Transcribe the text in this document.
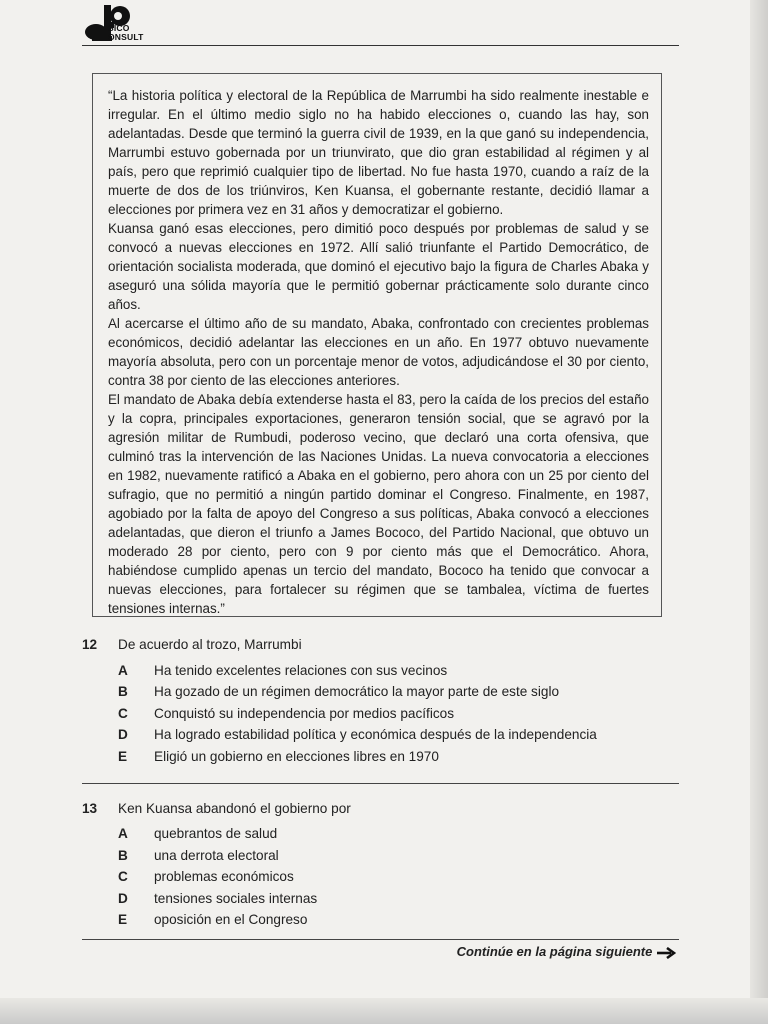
SICO
ONSULT

“La historia política y electoral de la República de Marrumbi ha sido realmente inestable e irregular. En el último medio siglo no ha habido elecciones o, cuando las hay, son adelantadas. Desde que terminó la guerra civil de 1939, en la que ganó su independencia, Marrumbi estuvo gobernada por un triunvirato, que dio gran estabilidad al régimen y al país, pero que reprimió cualquier tipo de libertad. No fue hasta 1970, cuando a raíz de la muerte de dos de los triúnviros, Ken Kuansa, el gobernante restante, decidió llamar a elecciones por primera vez en 31 años y democratizar el gobierno.

Kuansa ganó esas elecciones, pero dimitió poco después por problemas de salud y se convocó a nuevas elecciones en 1972. Allí salió triunfante el Partido Democrático, de orientación socialista moderada, que dominó el ejecutivo bajo la figura de Charles Abaka y aseguró una sólida mayoría que le permitió gobernar prácticamente solo durante cinco años.

Al acercarse el último año de su mandato, Abaka, confrontado con crecientes problemas económicos, decidió adelantar las elecciones en un año. En 1977 obtuvo nuevamente mayoría absoluta, pero con un porcentaje menor de votos, adjudicándose el 30 por ciento, contra 38 por ciento de las elecciones anteriores.

El mandato de Abaka debía extenderse hasta el 83, pero la caída de los precios del estaño y la copra, principales exportaciones, generaron tensión social, que se agravó por la agresión militar de Rumbudi, poderoso vecino, que declaró una corta ofensiva, que culminó tras la intervención de las Naciones Unidas. La nueva convocatoria a elecciones en 1982, nuevamente ratificó a Abaka en el gobierno, pero ahora con un 25 por ciento del sufragio, que no permitió a ningún partido dominar el Congreso. Finalmente, en 1987, agobiado por la falta de apoyo del Congreso a sus políticas, Abaka convocó a elecciones adelantadas, que dieron el triunfo a James Bococo, del Partido Nacional, que obtuvo un moderado 28 por ciento, pero con 9 por ciento más que el Democrático. Ahora, habiéndose cumplido apenas un tercio del mandato, Bococo ha tenido que convocar a nuevas elecciones, para fortalecer su régimen que se tambalea, víctima de fuertes tensiones internas.”

12 De acuerdo al trozo, Marrumbi
A	Ha tenido excelentes relaciones con sus vecinos
B	Ha gozado de un régimen democrático la mayor parte de este siglo
C	Conquistó su independencia por medios pacíficos
D	Ha logrado estabilidad política y económica después de la independencia
E	Eligió un gobierno en elecciones libres en 1970
13 Ken Kuansa abandonó el gobierno por
A	quebrantos de salud
B	una derrota electoral
C	problemas económicos
D	tensiones sociales internas
E	oposición en el Congreso
Continúe en la página siguiente
